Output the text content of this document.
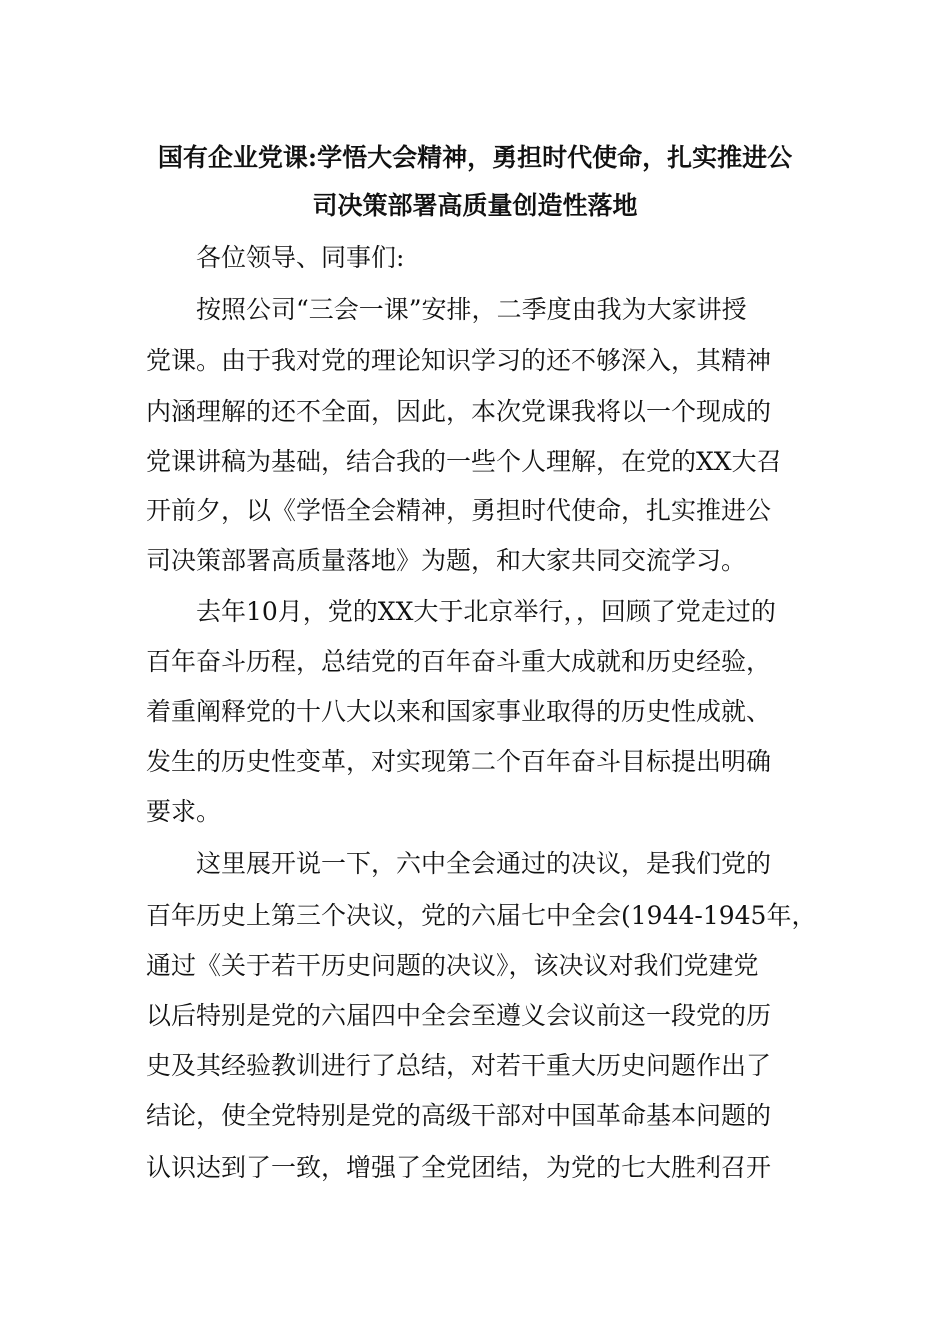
国有企业党课:学悟大会精神，勇担时代使命，扎实推进公
司决策部署高质量创造性落地
各位领导、同事们:
按照公司“三会一课”安排，二季度由我为大家讲授
党课。由于我对党的理论知识学习的还不够深入，其精神
内涵理解的还不全面，因此，本次党课我将以一个现成的
党课讲稿为基础，结合我的一些个人理解，在党的XX大召
开前夕，以《学悟全会精神，勇担时代使命，扎实推进公
司决策部署高质量落地》为题，和大家共同交流学习。
去年10月，党的XX大于北京举行，，回顾了党走过的
百年奋斗历程，总结党的百年奋斗重大成就和历史经验，
着重阐释党的十八大以来和国家事业取得的历史性成就、
发生的历史性变革，对实现第二个百年奋斗目标提出明确
要求。
这里展开说一下，六中全会通过的决议，是我们党的
百年历史上第三个决议，党的六届七中全会(1944-1945年，
通过《关于若干历史问题的决议》，该决议对我们党建党
以后特别是党的六届四中全会至遵义会议前这一段党的历
史及其经验教训进行了总结，对若干重大历史问题作出了
结论，使全党特别是党的高级干部对中国革命基本问题的
认识达到了一致，增强了全党团结，为党的七大胜利召开
